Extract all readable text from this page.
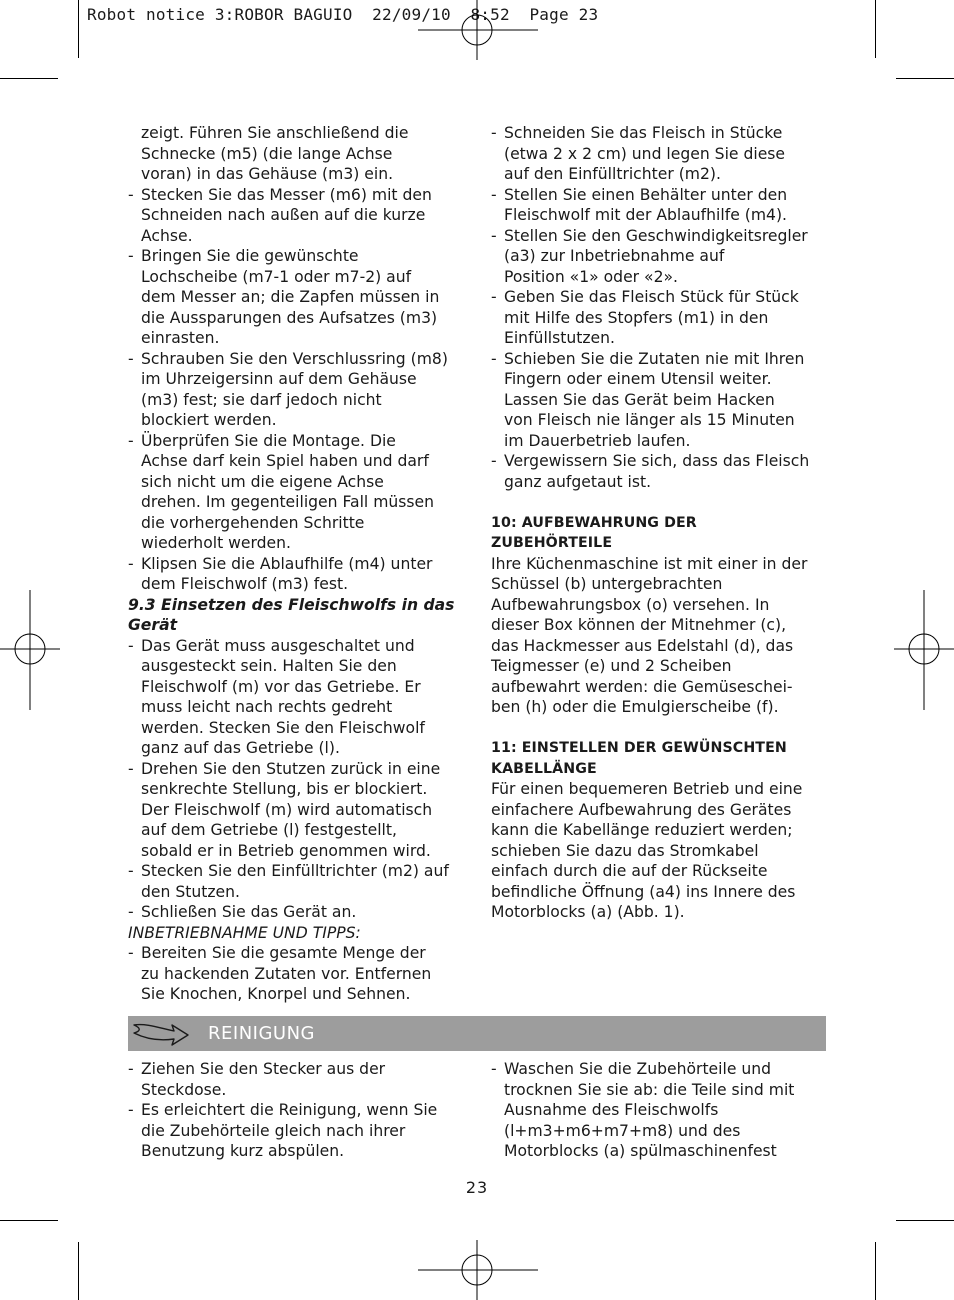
Robot notice 3:ROBOR BAGUIO  22/09/10  8:52  Page 23
zeigt. Führen Sie anschließend die
Schnecke (m5) (die lange Achse
voran) in das Gehäuse (m3) ein.
- Stecken Sie das Messer (m6) mit den
Schneiden nach außen auf die kurze
Achse.
- Bringen Sie die gewünschte
Lochscheibe (m7-1 oder m7-2) auf
dem Messer an; die Zapfen müssen in
die Aussparungen des Aufsatzes (m3)
einrasten.
- Schrauben Sie den Verschlussring (m8)
im Uhrzeigersinn auf dem Gehäuse
(m3) fest; sie darf jedoch nicht
blockiert werden.
- Überprüfen Sie die Montage. Die
Achse darf kein Spiel haben und darf
sich nicht um die eigene Achse
drehen. Im gegenteiligen Fall müssen
die vorhergehenden Schritte
wiederholt werden.
- Klipsen Sie die Ablaufhilfe (m4) unter
dem Fleischwolf (m3) fest.
9.3 Einsetzen des Fleischwolfs in das
Gerät
- Das Gerät muss ausgeschaltet und
ausgesteckt sein. Halten Sie den
Fleischwolf (m) vor das Getriebe. Er
muss leicht nach rechts gedreht
werden. Stecken Sie den Fleischwolf
ganz auf das Getriebe (l).
- Drehen Sie den Stutzen zurück in eine
senkrechte Stellung, bis er blockiert.
Der Fleischwolf (m) wird automatisch
auf dem Getriebe (l) festgestellt,
sobald er in Betrieb genommen wird.
- Stecken Sie den Einfülltrichter (m2) auf
den Stutzen.
- Schließen Sie das Gerät an.
INBETRIEBNAHME UND TIPPS:
- Bereiten Sie die gesamte Menge der
zu hackenden Zutaten vor. Entfernen
Sie Knochen, Knorpel und Sehnen.
- Schneiden Sie das Fleisch in Stücke
(etwa 2 x 2 cm) und legen Sie diese
auf den Einfülltrichter (m2).
- Stellen Sie einen Behälter unter den
Fleischwolf mit der Ablaufhilfe (m4).
- Stellen Sie den Geschwindigkeitsregler
(a3) zur Inbetriebnahme auf
Position «1» oder «2».
- Geben Sie das Fleisch Stück für Stück
mit Hilfe des Stopfers (m1) in den
Einfüllstutzen.
- Schieben Sie die Zutaten nie mit Ihren
Fingern oder einem Utensil weiter.
Lassen Sie das Gerät beim Hacken
von Fleisch nie länger als 15 Minuten
im Dauerbetrieb laufen.
- Vergewissern Sie sich, dass das Fleisch
ganz aufgetaut ist.
10: AUFBEWAHRUNG DER
ZUBEHÖRTEILE
Ihre Küchenmaschine ist mit einer in der
Schüssel (b) untergebrachten
Aufbewahrungsbox (o) versehen. In
dieser Box können der Mitnehmer (c),
das Hackmesser aus Edelstahl (d), das
Teigmesser (e) und 2 Scheiben
aufbewahrt werden: die Gemüseschei-
ben (h) oder die Emulgierscheibe (f).
11: EINSTELLEN DER GEWÜNSCHTEN
KABELLÄNGE
Für einen bequemeren Betrieb und eine
einfachere Aufbewahrung des Gerätes
kann die Kabellänge reduziert werden;
schieben Sie dazu das Stromkabel
einfach durch die auf der Rückseite
befindliche Öffnung (a4) ins Innere des
Motorblocks (a) (Abb. 1).
REINIGUNG
- Ziehen Sie den Stecker aus der
Steckdose.
- Es erleichtert die Reinigung, wenn Sie
die Zubehörteile gleich nach ihrer
Benutzung kurz abspülen.
- Waschen Sie die Zubehörteile und
trocknen Sie sie ab: die Teile sind mit
Ausnahme des Fleischwolfs
(l+m3+m6+m7+m8) und des
Motorblocks (a) spülmaschinenfest
23
